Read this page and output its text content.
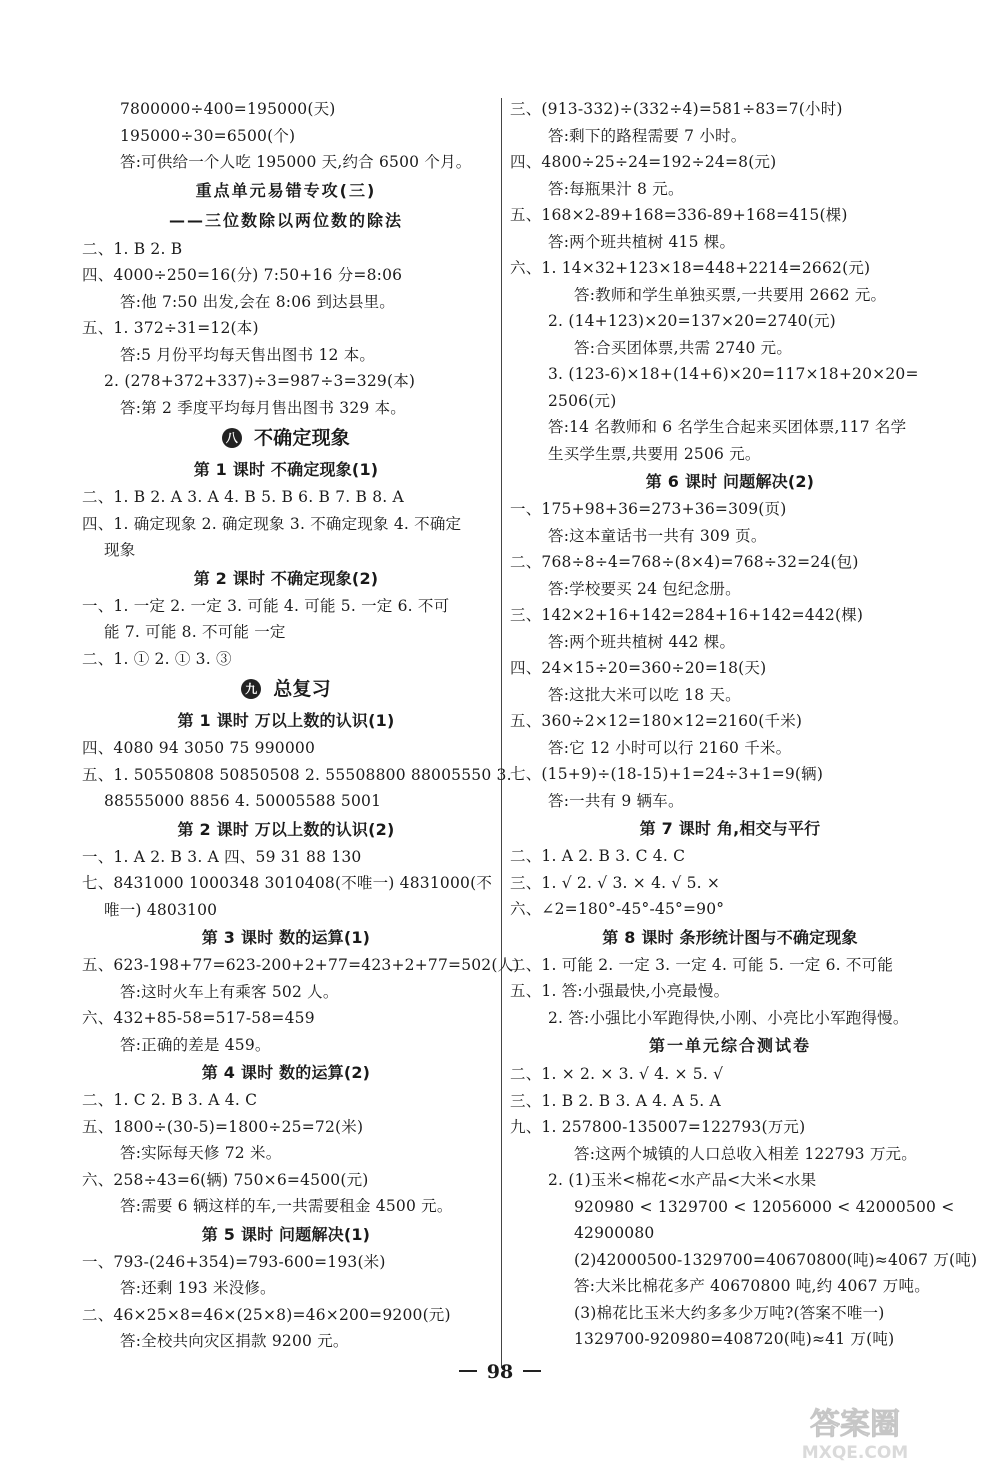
7800000÷400=195000(天)
195000÷30=6500(个)
答:可供给一个人吃 195000 天,约合 6500 个月。
重点单元易错专攻(三)
——三位数除以两位数的除法
二、1. B 2. B
四、4000÷250=16(分) 7:50+16 分=8:06
答:他 7:50 出发,会在 8:06 到达县里。
五、1. 372÷31=12(本)
答:5 月份平均每天售出图书 12 本。
2. (278+372+337)÷3=987÷3=329(本)
答:第 2 季度平均每月售出图书 329 本。
八 不确定现象
第 1 课时 不确定现象(1)
二、1. B 2. A 3. A 4. B 5. B 6. B 7. B 8. A
四、1. 确定现象 2. 确定现象 3. 不确定现象 4. 不确定
现象
第 2 课时 不确定现象(2)
一、1. 一定 2. 一定 3. 可能 4. 可能 5. 一定 6. 不可
能 7. 可能 8. 不可能 一定
二、1. ① 2. ① 3. ③
九 总复习
第 1 课时 万以上数的认识(1)
四、4080 94 3050 75 990000
五、1. 50550808 50850508 2. 55508800 88005550 3.
88555000 8856 4. 50005588 5001
第 2 课时 万以上数的认识(2)
一、1. A 2. B 3. A 四、59 31 88 130
七、8431000 1000348 3010408(不唯一) 4831000(不
唯一) 4803100
第 3 课时 数的运算(1)
五、623-198+77=623-200+2+77=423+2+77=502(人)
答:这时火车上有乘客 502 人。
六、432+85-58=517-58=459
答:正确的差是 459。
第 4 课时 数的运算(2)
二、1. C 2. B 3. A 4. C
五、1800÷(30-5)=1800÷25=72(米)
答:实际每天修 72 米。
六、258÷43=6(辆) 750×6=4500(元)
答:需要 6 辆这样的车,一共需要租金 4500 元。
第 5 课时 问题解决(1)
一、793-(246+354)=793-600=193(米)
答:还剩 193 米没修。
二、46×25×8=46×(25×8)=46×200=9200(元)
答:全校共向灾区捐款 9200 元。
三、(913-332)÷(332÷4)=581÷83=7(小时)
答:剩下的路程需要 7 小时。
四、4800÷25÷24=192÷24=8(元)
答:每瓶果汁 8 元。
五、168×2-89+168=336-89+168=415(棵)
答:两个班共植树 415 棵。
六、1. 14×32+123×18=448+2214=2662(元)
答:教师和学生单独买票,一共要用 2662 元。
2. (14+123)×20=137×20=2740(元)
答:合买团体票,共需 2740 元。
3. (123-6)×18+(14+6)×20=117×18+20×20=
2506(元)
答:14 名教师和 6 名学生合起来买团体票,117 名学
生买学生票,共要用 2506 元。
第 6 课时 问题解决(2)
一、175+98+36=273+36=309(页)
答:这本童话书一共有 309 页。
二、768÷8÷4=768÷(8×4)=768÷32=24(包)
答:学校要买 24 包纪念册。
三、142×2+16+142=284+16+142=442(棵)
答:两个班共植树 442 棵。
四、24×15÷20=360÷20=18(天)
答:这批大米可以吃 18 天。
五、360÷2×12=180×12=2160(千米)
答:它 12 小时可以行 2160 千米。
七、(15+9)÷(18-15)+1=24÷3+1=9(辆)
答:一共有 9 辆车。
第 7 课时 角,相交与平行
二、1. A 2. B 3. C 4. C
三、1. √ 2. √ 3. × 4. √ 5. ×
六、∠2=180°-45°-45°=90°
第 8 课时 条形统计图与不确定现象
二、1. 可能 2. 一定 3. 一定 4. 可能 5. 一定 6. 不可能
五、1. 答:小强最快,小亮最慢。
2. 答:小强比小军跑得快,小刚、小亮比小军跑得慢。
第一单元综合测试卷
二、1. × 2. × 3. √ 4. × 5. √
三、1. B 2. B 3. A 4. A 5. A
九、1. 257800-135007=122793(万元)
答:这两个城镇的人口总收入相差 122793 万元。
2. (1)玉米<棉花<水产品<大米<水果
920980 < 1329700 < 12056000 < 42000500 <
42900080
(2)42000500-1329700=40670800(吨)≈4067 万(吨)
答:大米比棉花多产 40670800 吨,约 4067 万吨。
(3)棉花比玉米大约多多少万吨?(答案不唯一)
1329700-920980=408720(吨)≈41 万(吨)
98
答案圈
MXQE.COM
